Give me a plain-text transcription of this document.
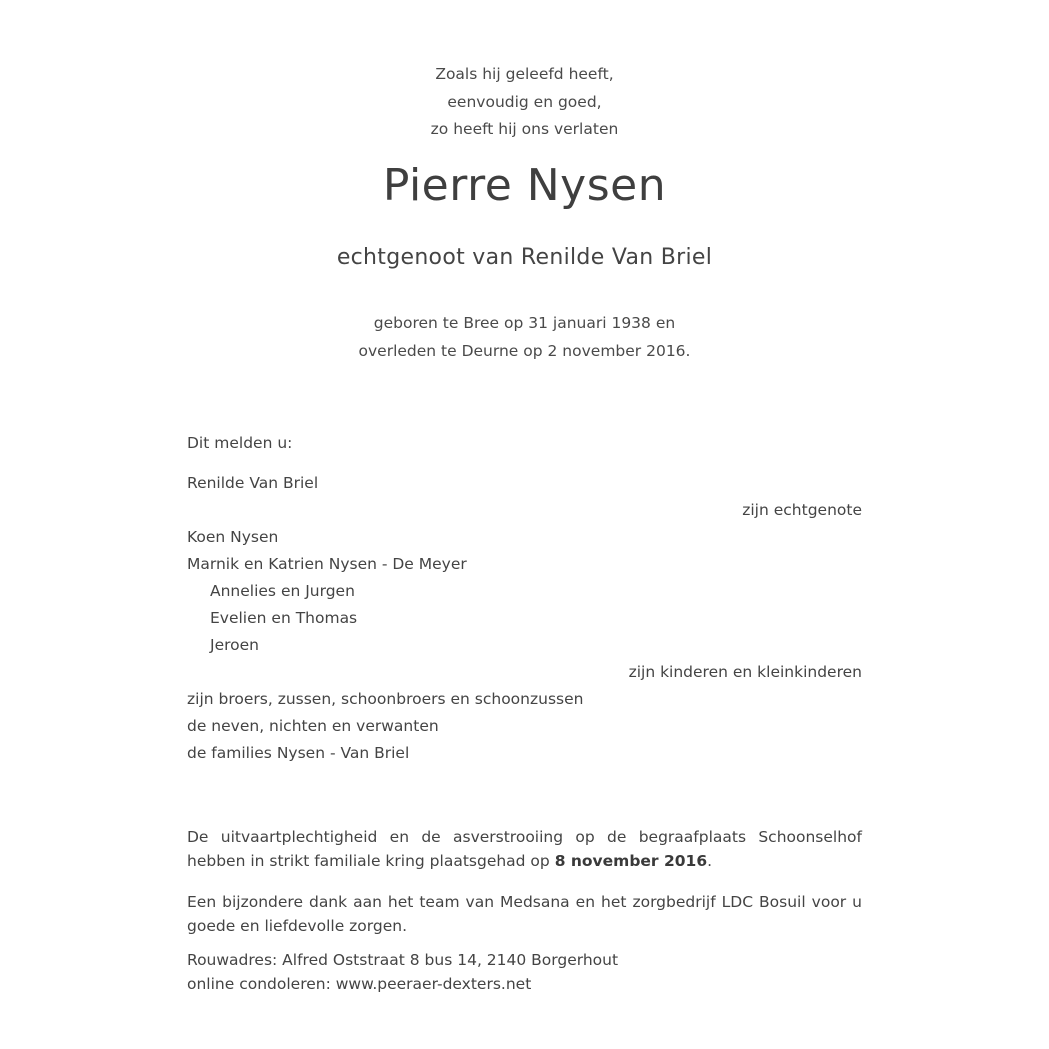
Zoals hij geleefd heeft,
eenvoudig en goed,
zo heeft hij ons verlaten
Pierre Nysen
echtgenoot van Renilde Van Briel
geboren te Bree op 31 januari 1938 en
overleden te Deurne op 2 november 2016.
Dit melden u:
Renilde Van Briel
zijn echtgenote
Koen Nysen
Marnik en Katrien Nysen - De Meyer
Annelies en Jurgen
Evelien en Thomas
Jeroen
zijn kinderen en kleinkinderen
zijn broers, zussen, schoonbroers en schoonzussen
de neven, nichten en verwanten
de families Nysen - Van Briel
De uitvaartplechtigheid en de asverstrooiing op de begraafplaats Schoonselhof hebben in strikt familiale kring plaatsgehad op 8 november 2016.
Een bijzondere dank aan het team van Medsana en het zorgbedrijf LDC Bosuil voor u goede en liefdevolle zorgen.
Rouwadres: Alfred Oststraat 8 bus 14, 2140 Borgerhout
online condoleren: www.peeraer-dexters.net
